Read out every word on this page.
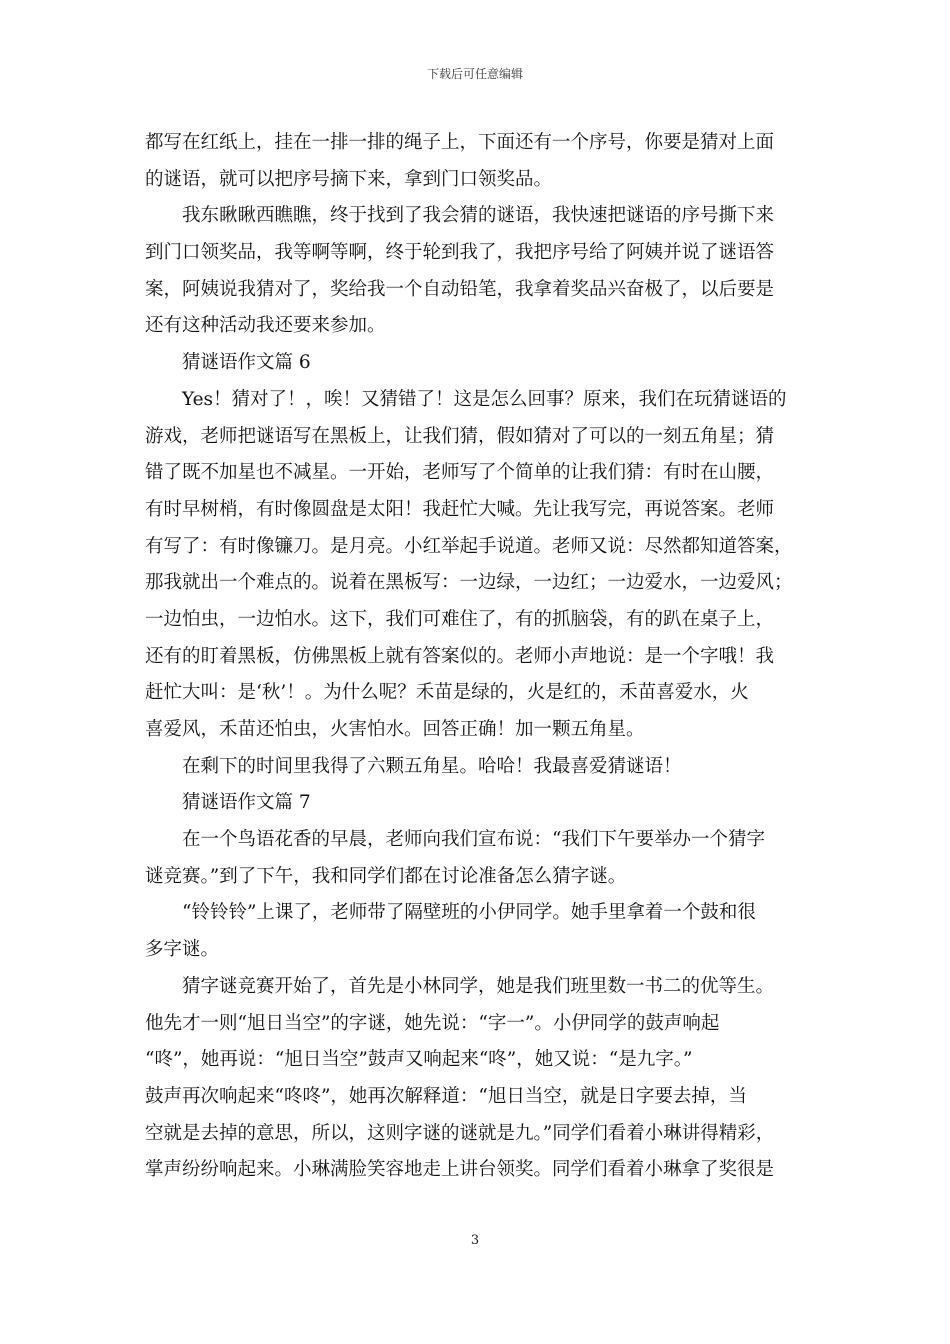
下载后可任意编辑
都写在红纸上，挂在一排一排的绳子上，下面还有一个序号，你要是猜对上面
的谜语，就可以把序号摘下来，拿到门口领奖品。
我东瞅瞅西瞧瞧，终于找到了我会猜的谜语，我快速把谜语的序号撕下来
到门口领奖品，我等啊等啊，终于轮到我了，我把序号给了阿姨并说了谜语答
案，阿姨说我猜对了，奖给我一个自动铅笔，我拿着奖品兴奋极了，以后要是
还有这种活动我还要来参加。
猜谜语作文篇 6
Yes！猜对了！，唉！又猜错了！这是怎么回事？原来，我们在玩猜谜语的
游戏，老师把谜语写在黑板上，让我们猜，假如猜对了可以的一刻五角星；猜
错了既不加星也不减星。一开始，老师写了个简单的让我们猜：有时在山腰，
有时早树梢，有时像圆盘是太阳！我赶忙大喊。先让我写完，再说答案。老师
有写了：有时像镰刀。是月亮。小红举起手说道。老师又说：尽然都知道答案，
那我就出一个难点的。说着在黑板写：一边绿，一边红；一边爱水，一边爱风；
一边怕虫，一边怕水。这下，我们可难住了，有的抓脑袋，有的趴在桌子上，
还有的盯着黑板，仿佛黑板上就有答案似的。老师小声地说：是一个字哦！我
赶忙大叫：是‘秋’！。为什么呢？禾苗是绿的，火是红的，禾苗喜爱水，火
喜爱风，禾苗还怕虫，火害怕水。回答正确！加一颗五角星。
在剩下的时间里我得了六颗五角星。哈哈！我最喜爱猜谜语！
猜谜语作文篇 7
在一个鸟语花香的早晨，老师向我们宣布说：“我们下午要举办一个猜字
谜竞赛。”到了下午，我和同学们都在讨论准备怎么猜字谜。
“铃铃铃”上课了，老师带了隔壁班的小伊同学。她手里拿着一个鼓和很
多字谜。
猜字谜竞赛开始了，首先是小林同学，她是我们班里数一书二的优等生。
他先才一则“旭日当空”的字谜，她先说：“字一”。小伊同学的鼓声响起
“咚”，她再说：“旭日当空”鼓声又响起来“咚”，她又说：“是九字。”
鼓声再次响起来“咚咚”，她再次解释道：“旭日当空，就是日字要去掉，当
空就是去掉的意思，所以，这则字谜的谜就是九。”同学们看着小琳讲得精彩，
掌声纷纷响起来。小琳满脸笑容地走上讲台领奖。同学们看着小琳拿了奖很是
3
